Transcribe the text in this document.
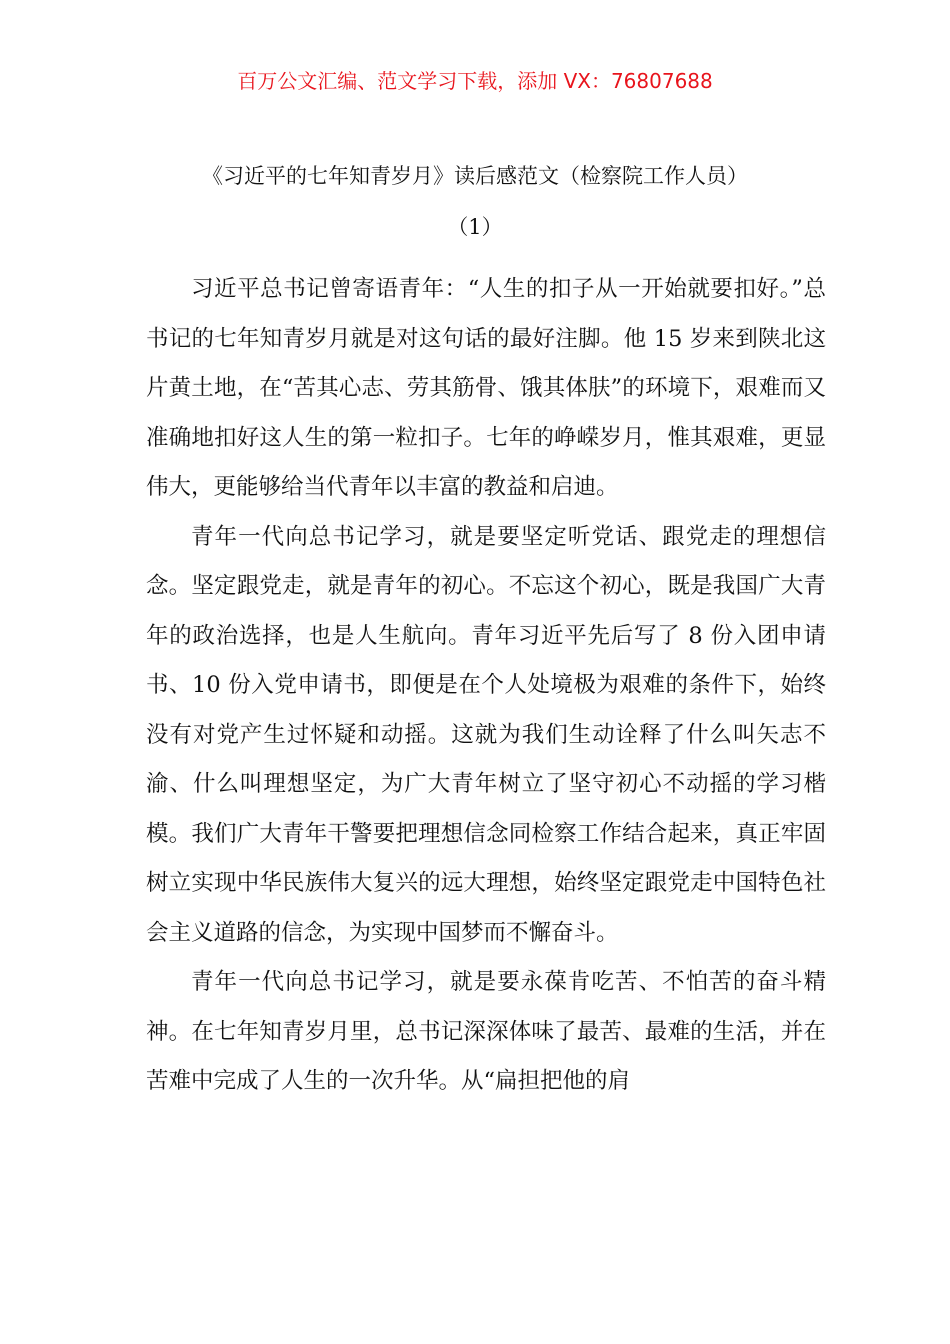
百万公文汇编、范文学习下载，添加 VX：76807688
《习近平的七年知青岁月》读后感范文（检察院工作人员）
（1）

习近平总书记曾寄语青年：“人生的扣子从一开始就要扣好。”总书记的七年知青岁月就是对这句话的最好注脚。他 15 岁来到陕北这片黄土地，在“苦其心志、劳其筋骨、饿其体肤”的环境下，艰难而又准确地扣好这人生的第一粒扣子。七年的峥嵘岁月，惟其艰难，更显伟大，更能够给当代青年以丰富的教益和启迪。

青年一代向总书记学习，就是要坚定听党话、跟党走的理想信念。坚定跟党走，就是青年的初心。不忘这个初心，既是我国广大青年的政治选择，也是人生航向。青年习近平先后写了 8 份入团申请书、10 份入党申请书，即便是在个人处境极为艰难的条件下，始终没有对党产生过怀疑和动摇。这就为我们生动诠释了什么叫矢志不渝、什么叫理想坚定，为广大青年树立了坚守初心不动摇的学习楷模。我们广大青年干警要把理想信念同检察工作结合起来，真正牢固树立实现中华民族伟大复兴的远大理想，始终坚定跟党走中国特色社会主义道路的信念，为实现中国梦而不懈奋斗。

青年一代向总书记学习，就是要永葆肯吃苦、不怕苦的奋斗精神。在七年知青岁月里，总书记深深体味了最苦、最难的生活，并在苦难中完成了人生的一次升华。从“扁担把他的肩
